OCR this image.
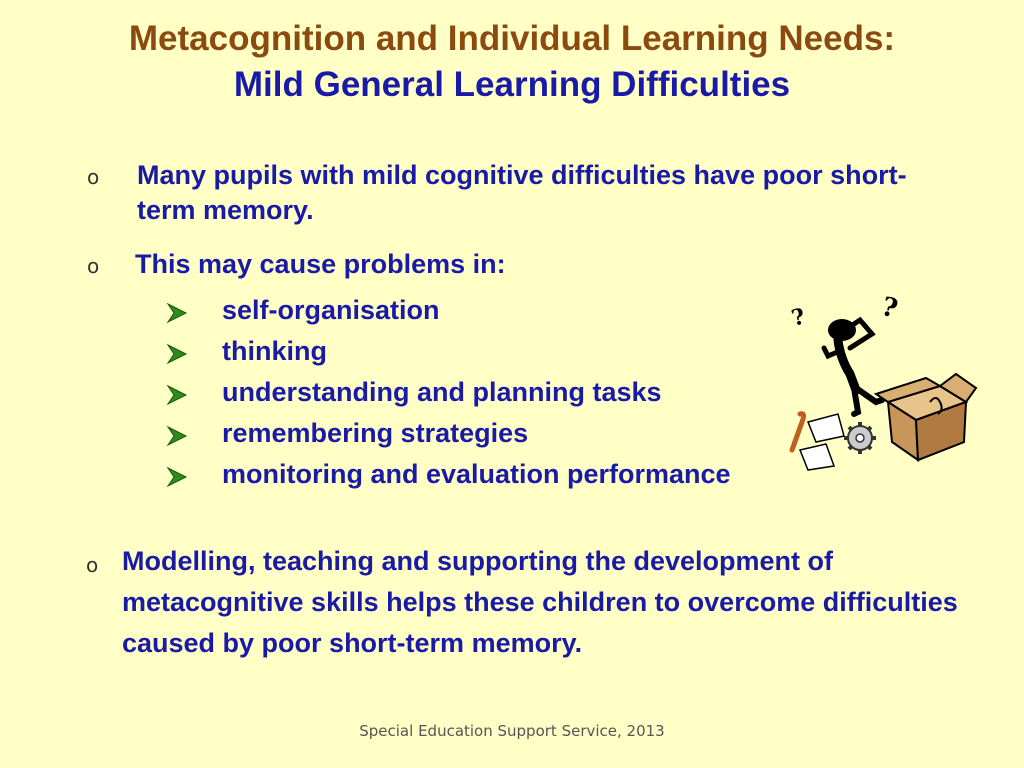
Metacognition and Individual Learning Needs:
Mild General Learning Difficulties
o Many pupils with mild cognitive difficulties have poor short-term memory.
o This may cause problems in:
self-organisation
thinking
understanding and planning tasks
remembering strategies
monitoring and evaluation performance
?	?
o Modelling, teaching and supporting the development of metacognitive skills helps these children to overcome difficulties caused by poor short-term memory.
Special Education Support Service, 2013
